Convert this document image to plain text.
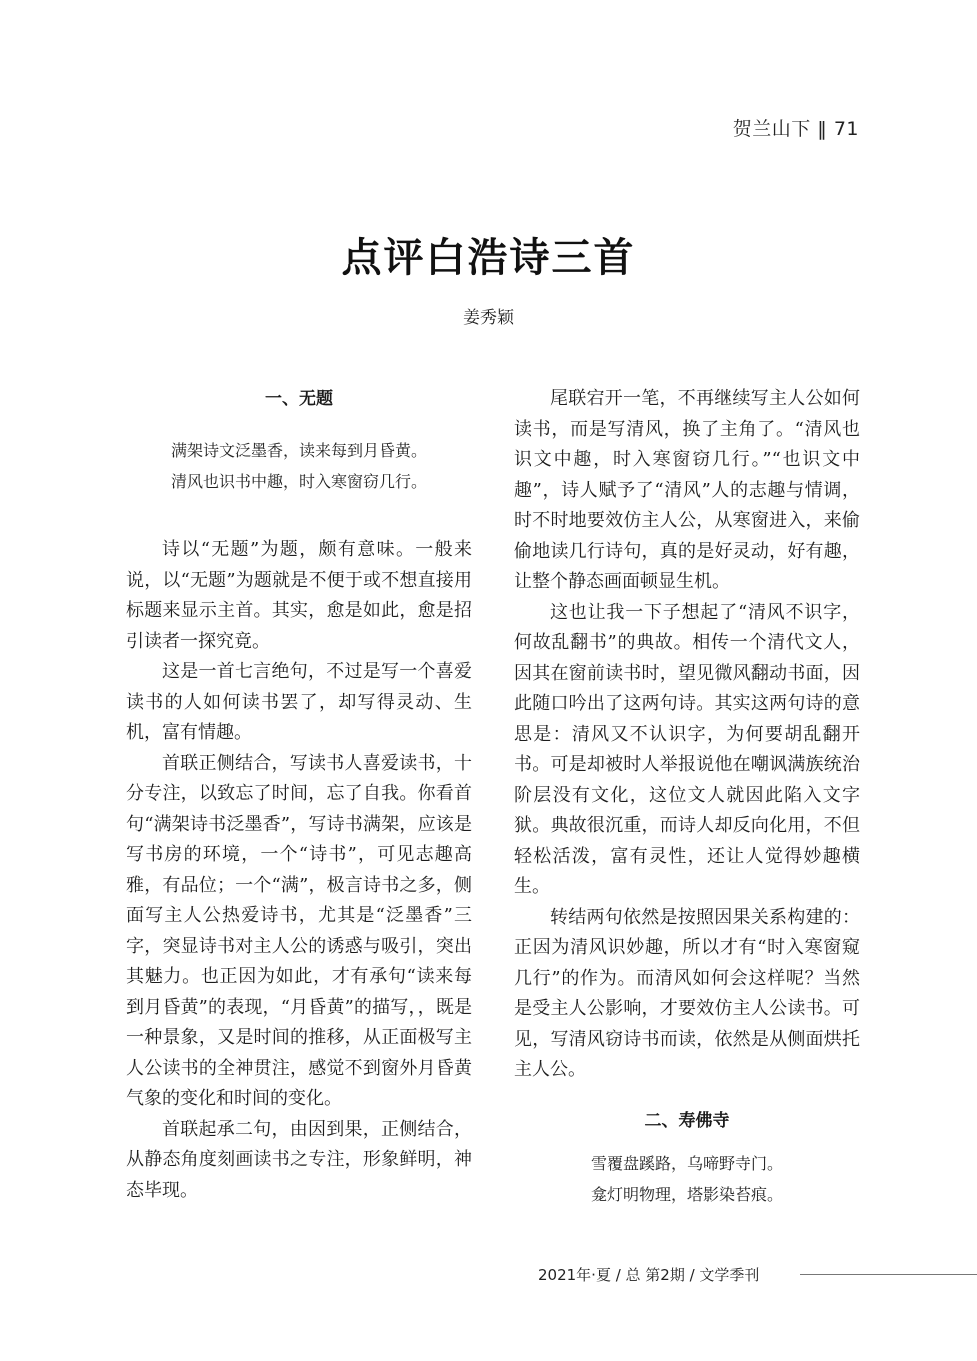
贺兰山下 ‖ 71
点评白浩诗三首
姜秀颖

一、无题

满架诗文泛墨香，读来每到月昏黄。

清风也识书中趣，时入寒窗窃几行。

诗以“无题”为题，颇有意味。一般来说，以“无题”为题就是不便于或不想直接用标题来显示主首。其实，愈是如此，愈是招引读者一探究竟。

这是一首七言绝句，不过是写一个喜爱读书的人如何读书罢了，却写得灵动、生机，富有情趣。

首联正侧结合，写读书人喜爱读书，十分专注，以致忘了时间，忘了自我。你看首句“满架诗书泛墨香”，写诗书满架，应该是写书房的环境，一个“诗书”，可见志趣高雅，有品位；一个“满”，极言诗书之多，侧面写主人公热爱诗书，尤其是“泛墨香”三字，突显诗书对主人公的诱惑与吸引，突出其魅力。也正因为如此，才有承句“读来每到月昏黄”的表现，“月昏黄”的描写，，既是一种景象，又是时间的推移，从正面极写主人公读书的全神贯注，感觉不到窗外月昏黄气象的变化和时间的变化。

首联起承二句，由因到果，正侧结合，从静态角度刻画读书之专注，形象鲜明，神态毕现。

尾联宕开一笔，不再继续写主人公如何读书，而是写清风，换了主角了。“清风也识文中趣，时入寒窗窃几行。”“也识文中趣”，诗人赋予了“清风”人的志趣与情调，时不时地要效仿主人公，从寒窗进入，来偷偷地读几行诗句，真的是好灵动，好有趣，让整个静态画面顿显生机。

这也让我一下子想起了“清风不识字，何故乱翻书”的典故。相传一个清代文人，因其在窗前读书时，望见微风翻动书面，因此随口吟出了这两句诗。其实这两句诗的意思是：清风又不认识字，为何要胡乱翻开书。可是却被时人举报说他在嘲讽满族统治阶层没有文化，这位文人就因此陷入文字狱。典故很沉重，而诗人却反向化用，不但轻松活泼，富有灵性，还让人觉得妙趣横生。

转结两句依然是按照因果关系构建的：正因为清风识妙趣，所以才有“时入寒窗窥几行”的作为。而清风如何会这样呢？当然是受主人公影响，才要效仿主人公读书。可见，写清风窃诗书而读，依然是从侧面烘托主人公。

二、寿佛寺

雪覆盘蹊路，乌啼野寺门。

龛灯明物理，塔影染苔痕。

2021年·夏 / 总 第2期 / 文学季刊
